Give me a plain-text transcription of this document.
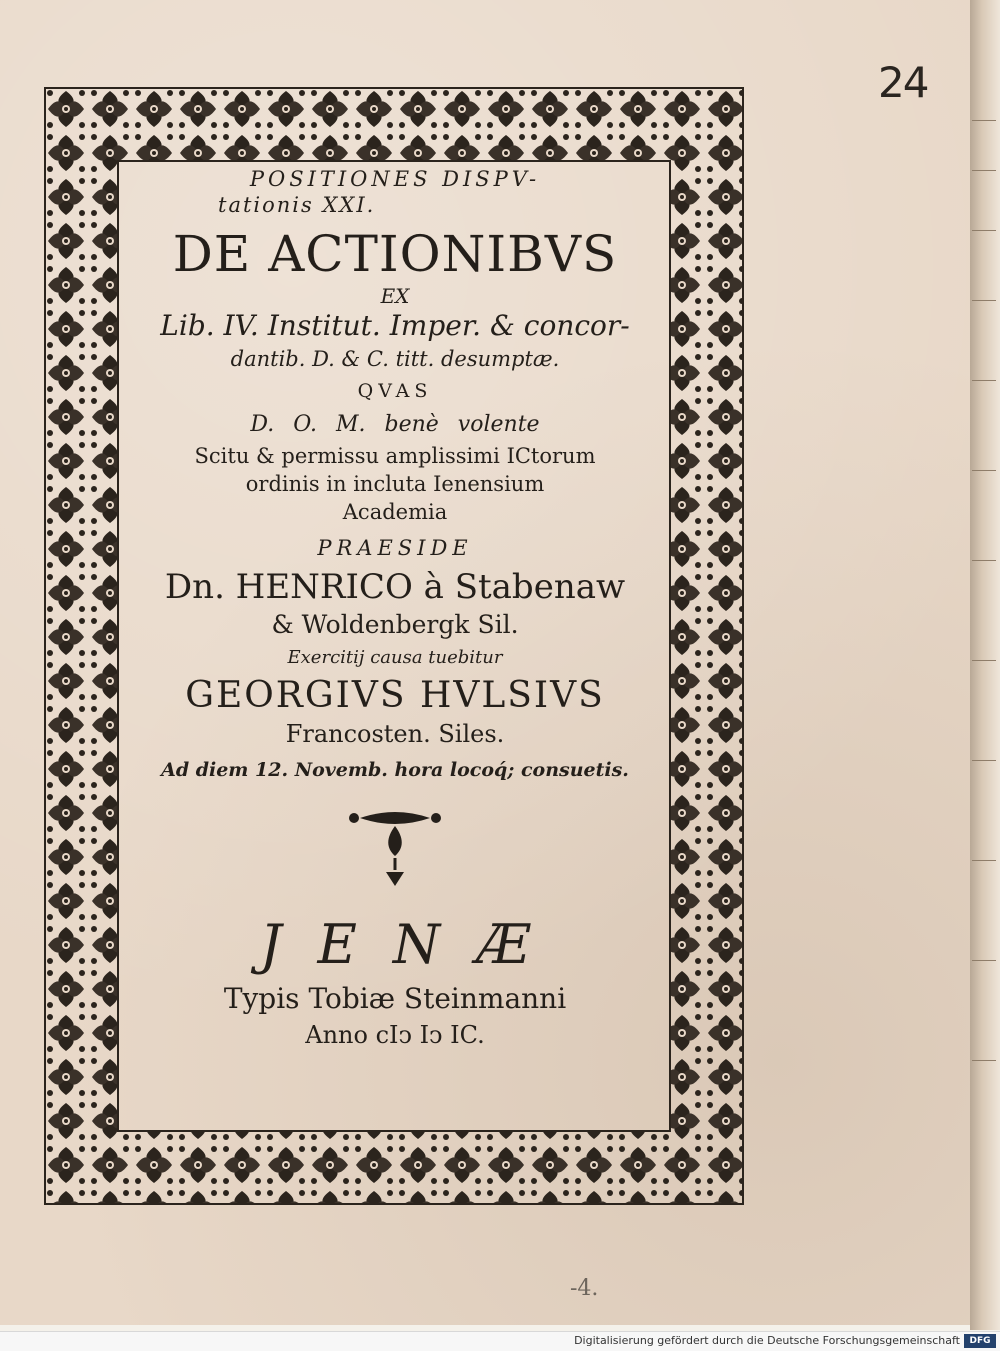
24
POSITIONES DISPV-
tationis XXI.
DE ACTIONIBVS
EX
Lib. IV. Institut. Imper. & concor-
dantib. D. & C. titt. desumptæ.
QVAS
D. O. M. benè volente
Scitu & permissu amplissimi ICtorum
ordinis in incluta Ienensium
Academia
PRAESIDE
Dn. HENRICO à Stabenaw
& Woldenbergk Sil.
Exercitij causa tuebitur
GEORGIVS HVLSIVS
Francosten. Siles.
Ad diem 12. Novemb. hora locoq́; consuetis.
JENÆ
Typis Tobiæ Steinmanni
Anno cIↄ Iↄ IC.
-4.
Digitalisierung gefördert durch die Deutsche Forschungsgemeinschaft	DFG
